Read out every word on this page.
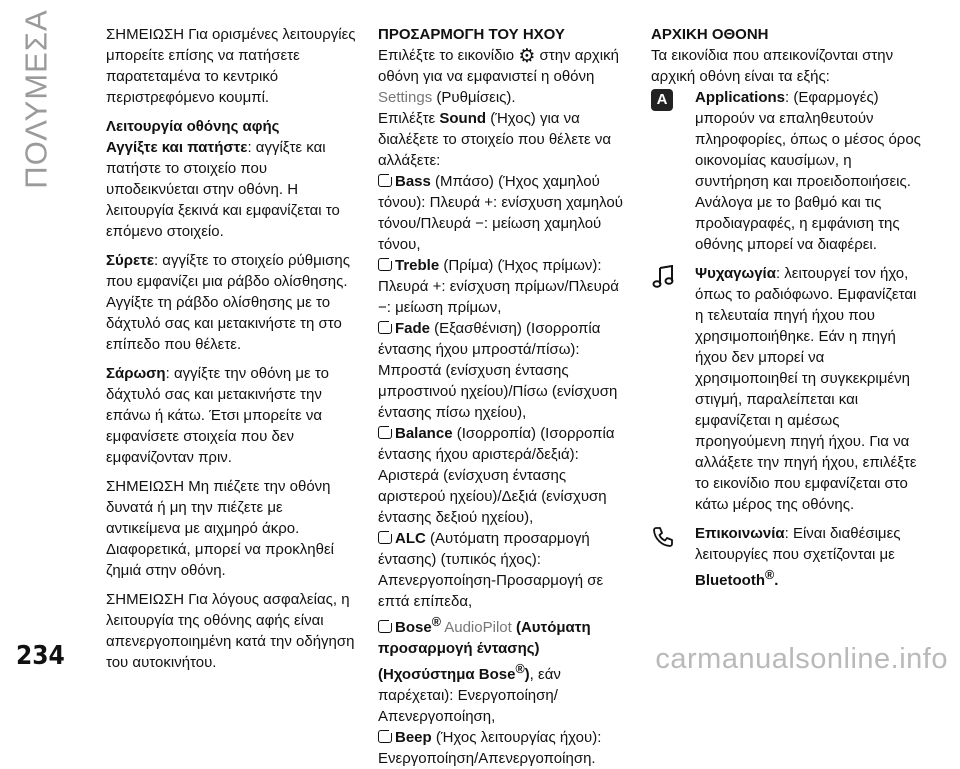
ΠΟΛΥΜΕΣΑ	ΣΗΜΕΙΩΣΗ Για ορισμένες λειτουργίες μπορείτε επίσης να πατήσετε παρατεταμένα το κεντρικό περιστρεφόμενο κουμπί.

Λειτουργία οθόνης αφής

Αγγίξτε και πατήστε: αγγίξτε και πατήστε το στοιχείο που υποδεικνύεται στην οθόνη. Η λειτουργία ξεκινά και εμφανίζεται το επόμενο στοιχείο.

Σύρετε: αγγίξτε το στοιχείο ρύθμισης που εμφανίζει μια ράβδο ολίσθησης. Αγγίξτε τη ράβδο ολίσθησης με το δάχτυλό σας και μετακινήστε τη στο επίπεδο που θέλετε.

Σάρωση: αγγίξτε την οθόνη με το δάχτυλό σας και μετακινήστε την επάνω ή κάτω. Έτσι μπορείτε να εμφανίσετε στοιχεία που δεν εμφανίζονταν πριν.

ΣΗΜΕΙΩΣΗ Μη πιέζετε την οθόνη δυνατά ή μη την πιέζετε με αντικείμενα με αιχμηρό άκρο. Διαφορετικά, μπορεί να προκληθεί ζημιά στην οθόνη.

ΣΗΜΕΙΩΣΗ Για λόγους ασφαλείας, η λειτουργία της οθόνης αφής είναι απενεργοποιημένη κατά την οδήγηση του αυτοκινήτου.

ΠΡΟΣΑΡΜΟΓΗ ΤΟΥ ΗΧΟΥ

Επιλέξτε το εικονίδιο ⚙ στην αρχική οθόνη για να εμφανιστεί η οθόνη Settings (Ρυθμίσεις).

Επιλέξτε Sound (Ήχος) για να διαλέξετε το στοιχείο που θέλετε να αλλάξετε:

Bass (Μπάσο) (Ήχος χαμηλού τόνου): Πλευρά +: ενίσχυση χαμηλού τόνου/Πλευρά −: μείωση χαμηλού τόνου,

Treble (Πρίμα) (Ήχος πρίμων): Πλευρά +: ενίσχυση πρίμων/Πλευρά −: μείωση πρίμων,

Fade (Εξασθένιση) (Ισορροπία έντασης ήχου μπροστά/πίσω): Μπροστά (ενίσχυση έντασης μπροστινού ηχείου)/Πίσω (ενίσχυση έντασης πίσω ηχείου),

Balance (Ισορροπία) (Ισορροπία έντασης ήχου αριστερά/δεξιά): Αριστερά (ενίσχυση έντασης αριστερού ηχείου)/Δεξιά (ενίσχυση έντασης δεξιού ηχείου),

ALC (Αυτόματη προσαρμογή έντασης) (τυπικός ήχος): Απενεργοποίηση-Προσαρμογή σε επτά επίπεδα,

Bose® AudioPilot (Αυτόματη προσαρμογή έντασης) (Ηχοσύστημα Bose®), εάν παρέχεται): Ενεργοποίηση/Απενεργοποίηση,

Beep (Ήχος λειτουργίας ήχου): Ενεργοποίηση/Απενεργοποίηση.

ΑΡΧΙΚΗ ΟΘΟΝΗ

Τα εικονίδια που απεικονίζονται στην αρχική οθόνη είναι τα εξής:

A	Applications: (Εφαρμογές) μπορούν να επαληθευτούν πληροφορίες, όπως ο μέσος όρος οικονομίας καυσίμων, η συντήρηση και προειδοποιήσεις. Ανάλογα με το βαθμό και τις προδιαγραφές, η εμφάνιση της οθόνης μπορεί να διαφέρει.
Ψυχαγωγία: λειτουργεί τον ήχο, όπως το ραδιόφωνο. Εμφανίζεται η τελευταία πηγή ήχου που χρησιμοποιήθηκε. Εάν η πηγή ήχου δεν μπορεί να χρησιμοποιηθεί τη συγκεκριμένη στιγμή, παραλείπεται και εμφανίζεται η αμέσως προηγούμενη πηγή ήχου. Για να αλλάξετε την πηγή ήχου, επιλέξτε το εικονίδιο που εμφανίζεται στο κάτω μέρος της οθόνης.
Επικοινωνία: Είναι διαθέσιμες λειτουργίες που σχετίζονται με Bluetooth®.
234	carmanualsonline.info
